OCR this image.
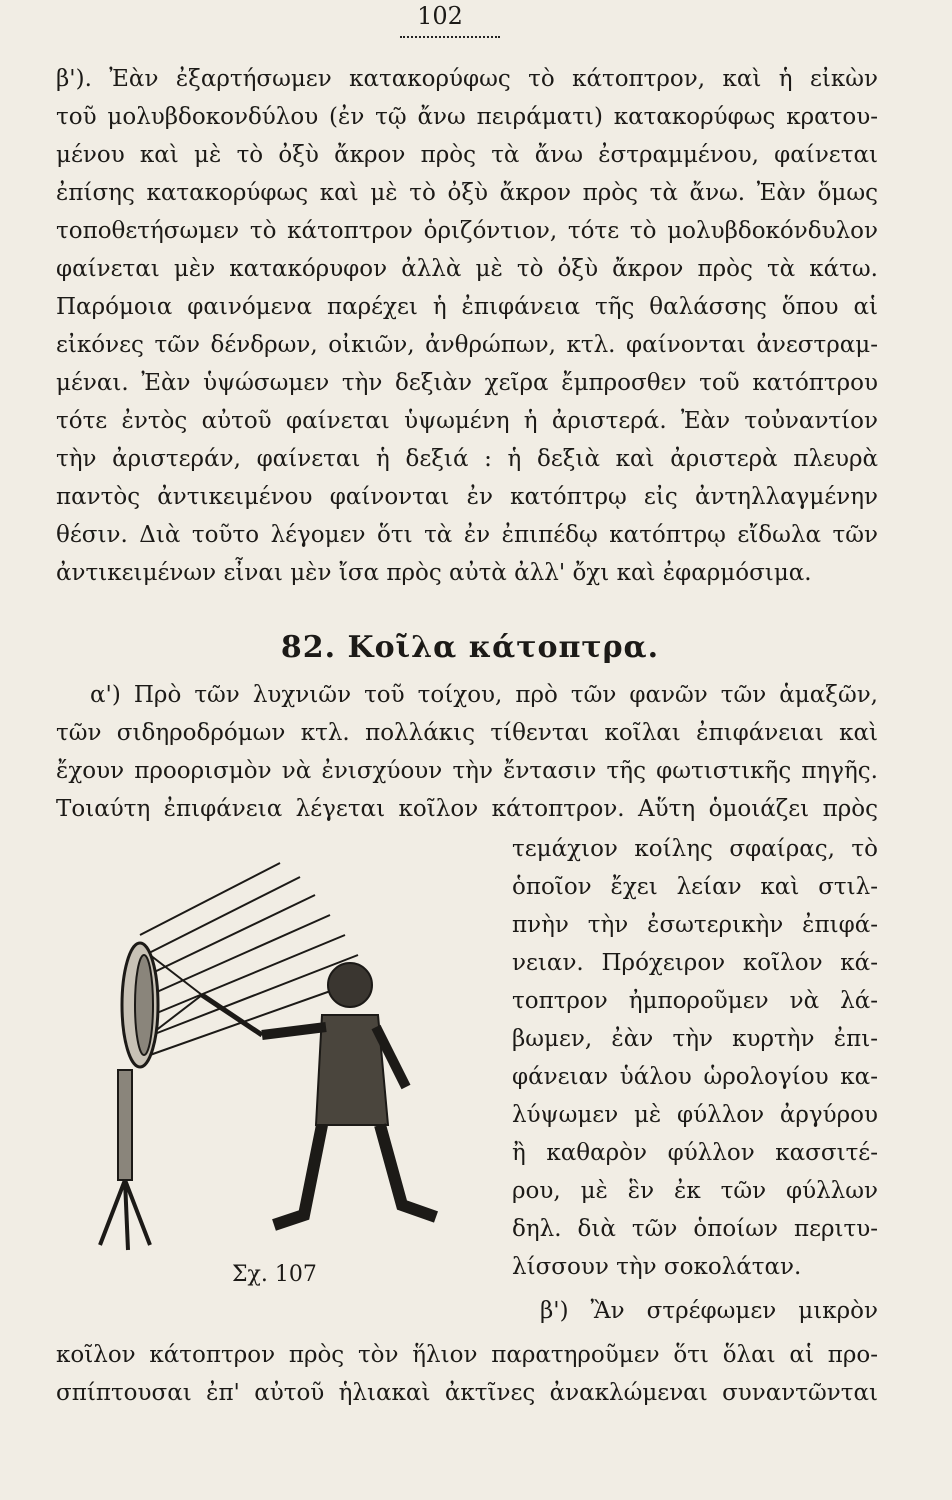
102
β'). Ἐὰν ἐξαρτήσωμεν κατακορύφως τὸ κάτοπτρον, καὶ ἡ εἰκὼν
τοῦ μολυβδοκονδύλου (ἐν τῷ ἄνω πειράματι) κατακορύφως κρατου-
μένου καὶ μὲ τὸ ὀξὺ ἄκρον πρὸς τὰ ἄνω ἐστραμμένου, φαίνεται
ἐπίσης κατακορύφως καὶ μὲ τὸ ὀξὺ ἄκρον πρὸς τὰ ἄνω. Ἐὰν ὅμως
τοποθετήσωμεν τὸ κάτοπτρον ὁριζόντιον, τότε τὸ μολυβδοκόνδυλον
φαίνεται μὲν κατακόρυφον ἀλλὰ μὲ τὸ ὀξὺ ἄκρον πρὸς τὰ κάτω.
Παρόμοια φαινόμενα παρέχει ἡ ἐπιφάνεια τῆς θαλάσσης ὅπου αἱ
εἰκόνες τῶν δένδρων, οἰκιῶν, ἀνθρώπων, κτλ. φαίνονται ἀνεστραμ-
μέναι. Ἐὰν ὑψώσωμεν τὴν δεξιὰν χεῖρα ἔμπροσθεν τοῦ κατόπτρου
τότε ἐντὸς αὐτοῦ φαίνεται ὑψωμένη ἡ ἀριστερά. Ἐὰν τοὐναντίον
τὴν ἀριστεράν, φαίνεται ἡ δεξιά : ἡ δεξιὰ καὶ ἀριστερὰ πλευρὰ
παντὸς ἀντικειμένου φαίνονται ἐν κατόπτρῳ εἰς ἀντηλλαγμένην
θέσιν. Διὰ τοῦτο λέγομεν ὅτι τὰ ἐν ἐπιπέδῳ κατόπτρῳ εἴδωλα τῶν
ἀντικειμένων εἶναι μὲν ἴσα πρὸς αὐτὰ ἀλλ' ὄχι καὶ ἐφαρμόσιμα.
82. Κοῖλα κάτοπτρα.
α') Πρὸ τῶν λυχνιῶν τοῦ τοίχου, πρὸ τῶν φανῶν τῶν ἁμαξῶν,
τῶν σιδηροδρόμων κτλ. πολλάκις τίθενται κοῖλαι ἐπιφάνειαι καὶ
ἔχουν προορισμὸν νὰ ἐνισχύουν τὴν ἔντασιν τῆς φωτιστικῆς πηγῆς.
Τοιαύτη ἐπιφάνεια λέγεται κοῖλον κάτοπτρον. Αὕτη ὁμοιάζει πρὸς
τεμάχιον κοίλης σφαίρας, τὸ
ὁποῖον ἔχει λείαν καὶ στιλ-
πνὴν τὴν ἐσωτερικὴν ἐπιφά-
νειαν. Πρόχειρον κοῖλον κά-
τοπτρον ἠμποροῦμεν νὰ λά-
βωμεν, ἐὰν τὴν κυρτὴν ἐπι-
φάνειαν ὑάλου ὡρολογίου κα-
λύψωμεν μὲ φύλλον ἀργύρου
ἢ καθαρὸν φύλλον κασσιτέ-
ρου, μὲ ἓν ἐκ τῶν φύλλων
δηλ. διὰ τῶν ὁποίων περιτυ-
λίσσουν τὴν σοκολάταν.
β') Ἂν στρέφωμεν μικρὸν
κοῖλον κάτοπτρον πρὸς τὸν ἥλιον παρατηροῦμεν ὅτι ὅλαι αἱ προ-
σπίπτουσαι ἐπ' αὐτοῦ ἡλιακαὶ ἀκτῖνες ἀνακλώμεναι συναντῶνται
Σχ. 107
